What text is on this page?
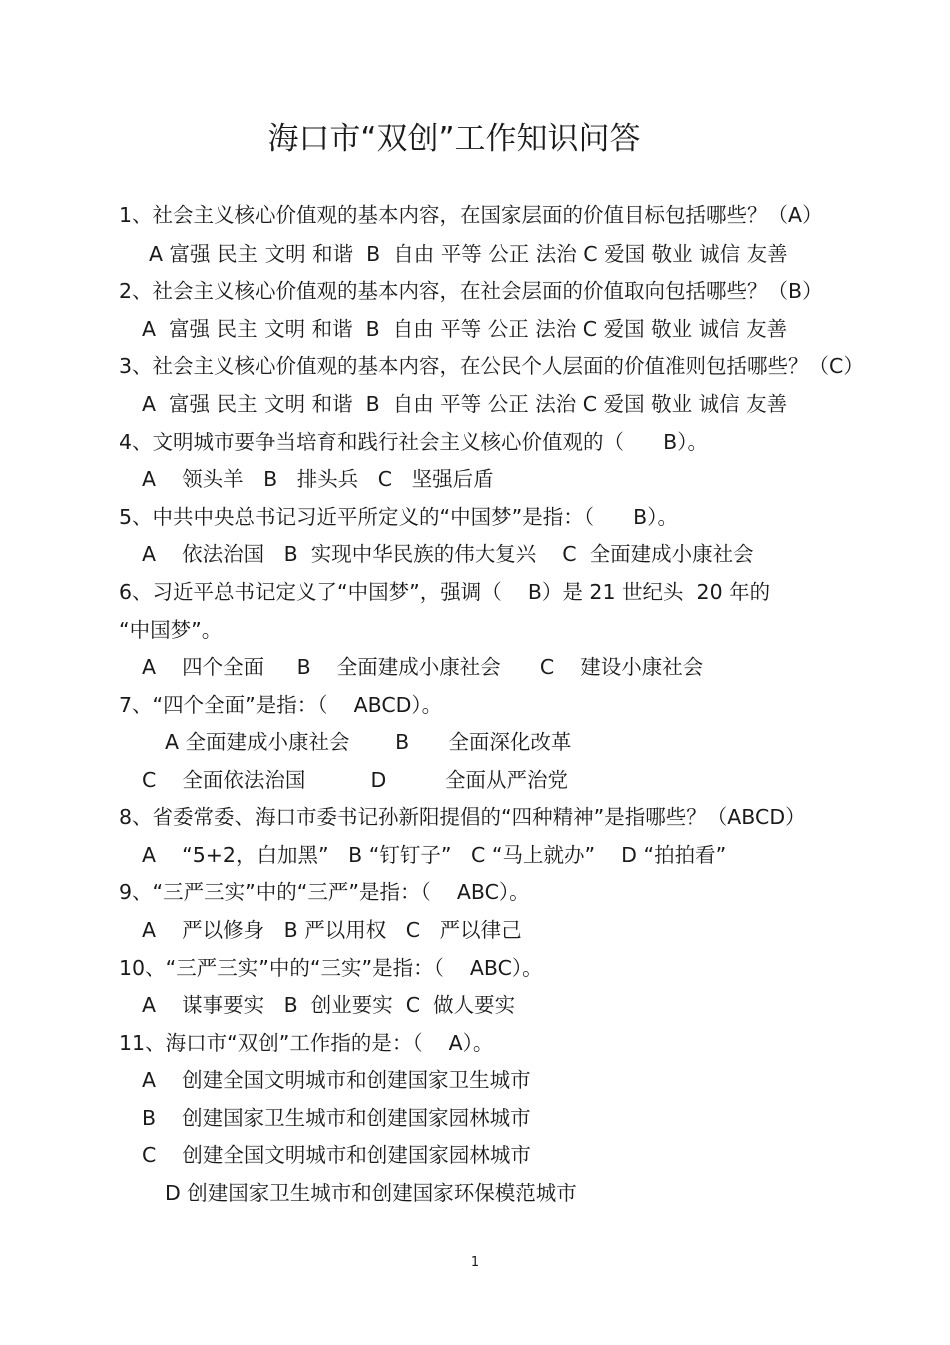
海口市“双创”工作知识问答
1、社会主义核心价值观的基本内容，在国家层面的价值目标包括哪些？（A）
A 富强 民主 文明 和谐  B  自由 平等 公正 法治 C 爱国 敬业 诚信 友善
2、社会主义核心价值观的基本内容，在社会层面的价值取向包括哪些？（B）
A  富强 民主 文明 和谐  B  自由 平等 公正 法治 C 爱国 敬业 诚信 友善
3、社会主义核心价值观的基本内容，在公民个人层面的价值准则包括哪些？（C）
A  富强 民主 文明 和谐  B  自由 平等 公正 法治 C 爱国 敬业 诚信 友善
4、文明城市要争当培育和践行社会主义核心价值观的（      B）。
A    领头羊   B   排头兵   C   坚强后盾
5、中共中央总书记习近平所定义的“中国梦”是指：（      B）。
A    依法治国   B  实现中华民族的伟大复兴    C  全面建成小康社会
6、习近平总书记定义了“中国梦”，强调（    B）是 21 世纪头  20 年的
“中国梦”。
A    四个全面     B    全面建成小康社会      C    建设小康社会
7、“四个全面”是指：（    ABCD）。
A 全面建成小康社会       B      全面深化改革
C    全面依法治国          D         全面从严治党
8、省委常委、海口市委书记孙新阳提倡的“四种精神”是指哪些？（ABCD）
A    “5+2，白加黑”   B “钉钉子”   C “马上就办”    D “拍拍看”
9、“三严三实”中的“三严”是指：（    ABC）。
A    严以修身   B 严以用权   C   严以律己
10、“三严三实”中的“三实”是指：（    ABC）。
A    谋事要实   B  创业要实  C  做人要实
11、海口市“双创”工作指的是：（    A）。
A    创建全国文明城市和创建国家卫生城市
B    创建国家卫生城市和创建国家园林城市
C    创建全国文明城市和创建国家园林城市
D 创建国家卫生城市和创建国家环保模范城市
1
